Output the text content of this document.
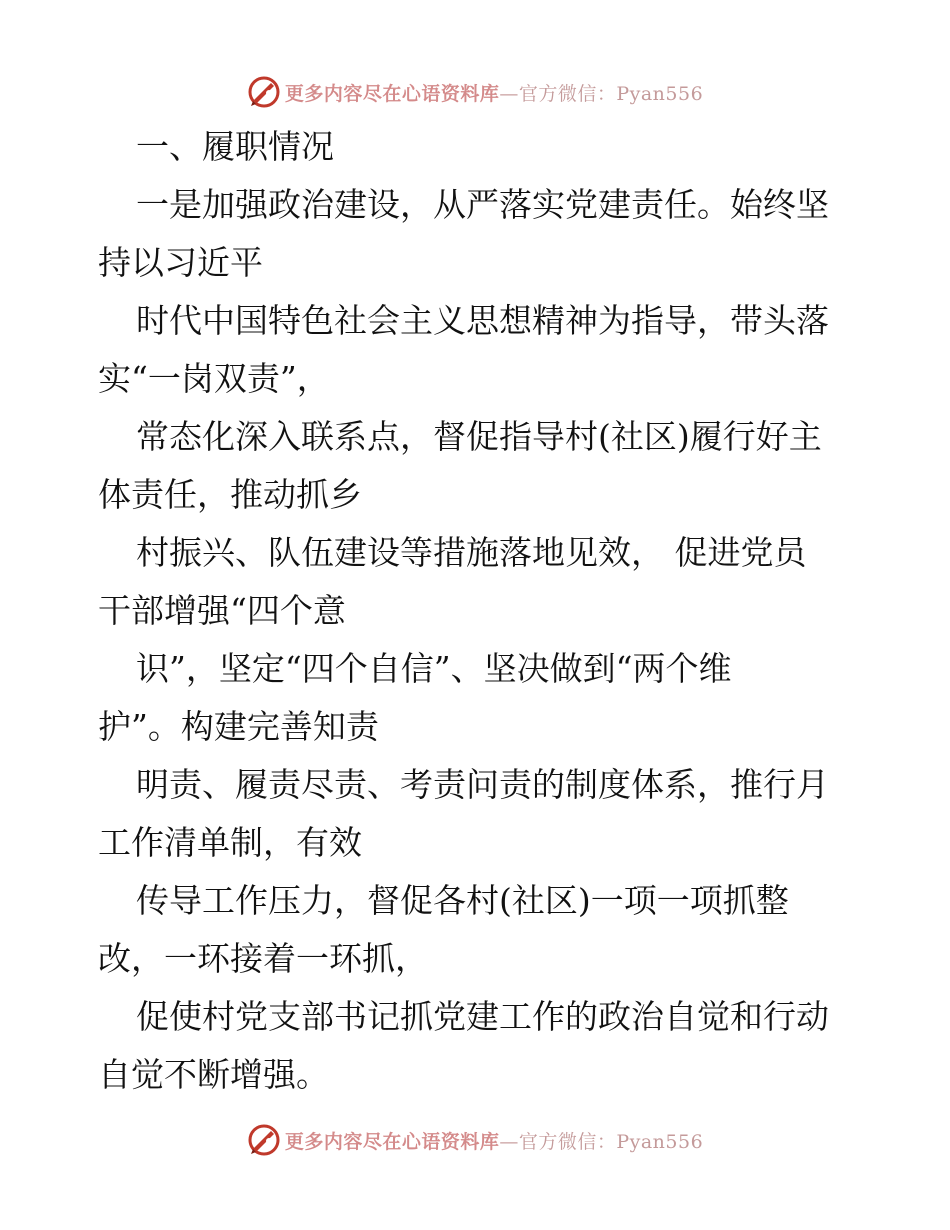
更多内容尽在心语资料库—官方微信：Pyan556

一、履职情况

一是加强政治建设，从严落实党建责任。始终坚
持以习近平
时代中国特色社会主义思想精神为指导，带头落
实“一岗双责”，
常态化深入联系点，督促指导村(社区)履行好主
体责任，推动抓乡
村振兴、队伍建设等措施落地见效， 促进党员
干部增强“四个意
识”，坚定“四个自信”、坚决做到“两个维
护”。构建完善知责
明责、履责尽责、考责问责的制度体系，推行月
工作清单制，有效
传导工作压力，督促各村(社区)一项一项抓整
改，一环接着一环抓，
促使村党支部书记抓党建工作的政治自觉和行动
自觉不断增强。
更多内容尽在心语资料库—官方微信：Pyan556
